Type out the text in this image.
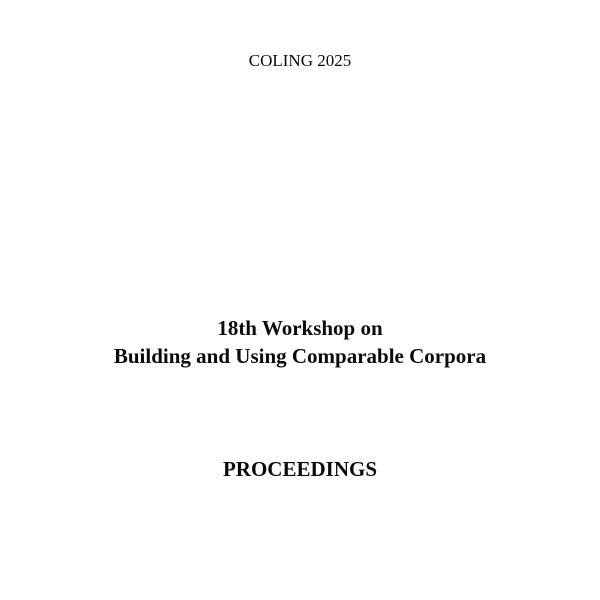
COLING 2025
18th Workshop on
Building and Using Comparable Corpora
PROCEEDINGS
